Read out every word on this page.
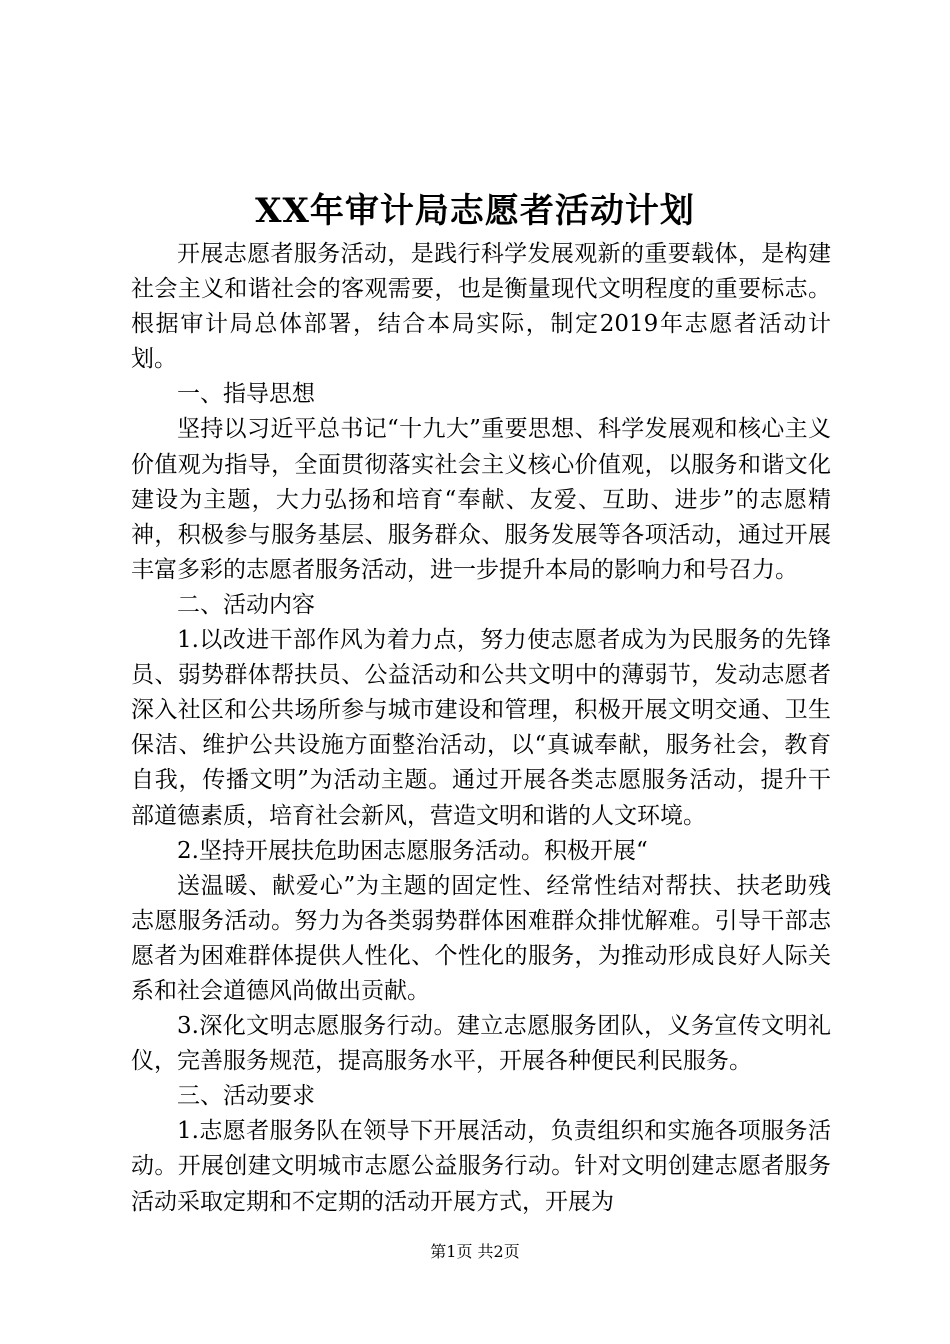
XX年审计局志愿者活动计划

开展志愿者服务活动，是践行科学发展观新的重要载体，是构建社会主义和谐社会的客观需要，也是衡量现代文明程度的重要标志。根据审计局总体部署，结合本局实际，制定2019年志愿者活动计划。

一、指导思想

坚持以习近平总书记“十九大”重要思想、科学发展观和核心主义价值观为指导，全面贯彻落实社会主义核心价值观，以服务和谐文化建设为主题，大力弘扬和培育“奉献、友爱、互助、进步”的志愿精神，积极参与服务基层、服务群众、服务发展等各项活动，通过开展丰富多彩的志愿者服务活动，进一步提升本局的影响力和号召力。

二、活动内容

1.以改进干部作风为着力点，努力使志愿者成为为民服务的先锋员、弱势群体帮扶员、公益活动和公共文明中的薄弱节，发动志愿者深入社区和公共场所参与城市建设和管理，积极开展文明交通、卫生保洁、维护公共设施方面整治活动，以“真诚奉献，服务社会，教育自我，传播文明”为活动主题。通过开展各类志愿服务活动，提升干部道德素质，培育社会新风，营造文明和谐的人文环境。

2.坚持开展扶危助困志愿服务活动。积极开展“

送温暖、献爱心”为主题的固定性、经常性结对帮扶、扶老助残志愿服务活动。努力为各类弱势群体困难群众排忧解难。引导干部志愿者为困难群体提供人性化、个性化的服务，为推动形成良好人际关系和社会道德风尚做出贡献。

3.深化文明志愿服务行动。建立志愿服务团队，义务宣传文明礼仪，完善服务规范，提高服务水平，开展各种便民利民服务。

三、活动要求

1.志愿者服务队在领导下开展活动，负责组织和实施各项服务活动。开展创建文明城市志愿公益服务行动。针对文明创建志愿者服务活动采取定期和不定期的活动开展方式，开展为

第1页 共2页
